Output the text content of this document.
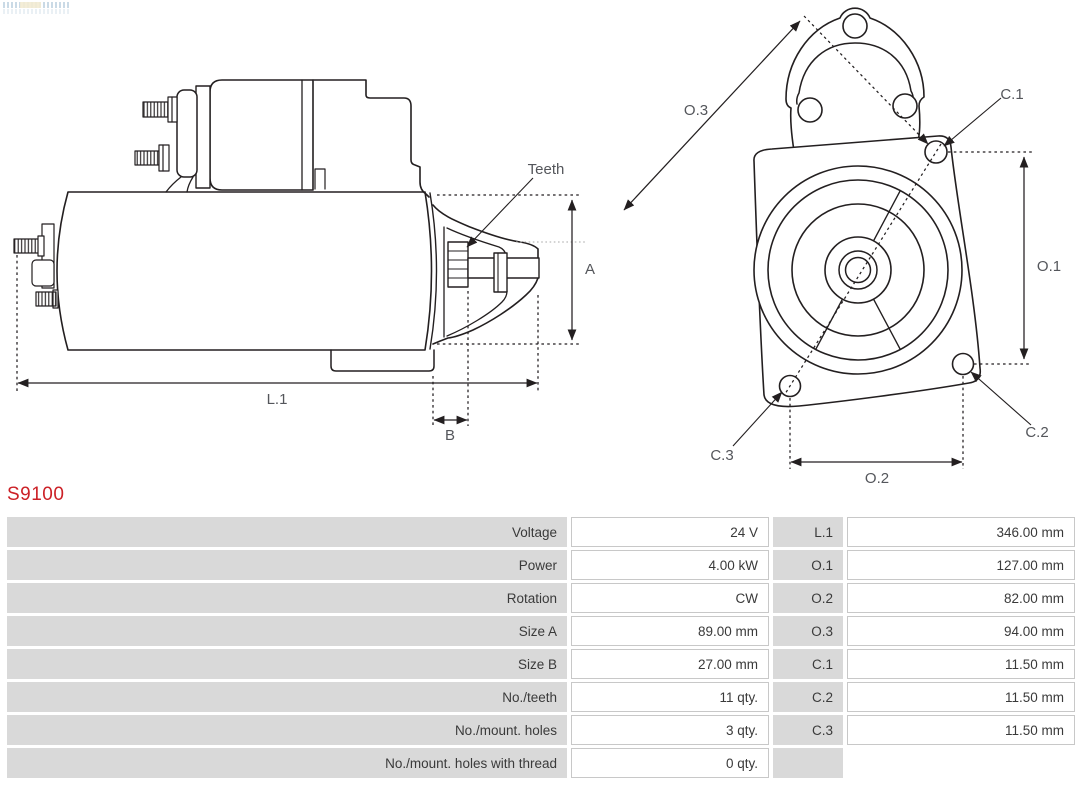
Teeth
A
L.1
B
O.3
O.1
O.2
C.1
C.2
C.3
S9100
Voltage	24 V	L.1	346.00 mm
Power	4.00 kW	O.1	127.00 mm
Rotation	CW	O.2	82.00 mm
Size A	89.00 mm	O.3	94.00 mm
Size B	27.00 mm	C.1	11.50 mm
No./teeth	11 qty.	C.2	11.50 mm
No./mount. holes	3 qty.	C.3	11.50 mm
No./mount. holes with thread	0 qty.
